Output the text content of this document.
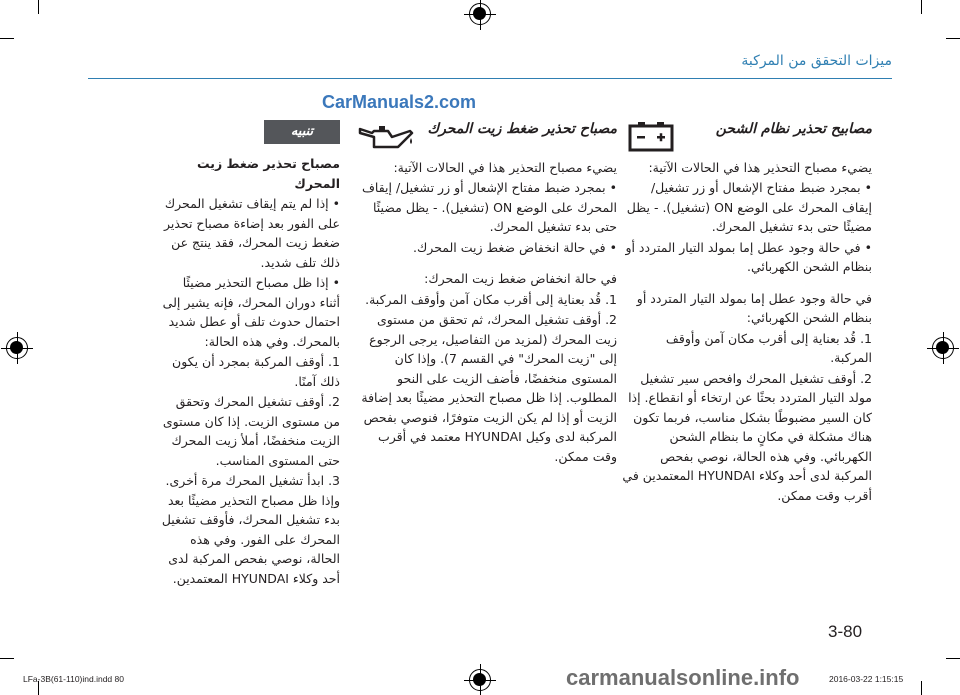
ميزات التحقق من المركبة
CarManuals2.com

مصابيح تحذير نظام الشحن

يضيء مصباح التحذير هذا في الحالات الآتية:

• بمجرد ضبط مفتاح الإشعال أو زر تشغيل/ إيقاف المحرك على الوضع ON (تشغيل). - يظل مضيئًا حتى بدء تشغيل المحرك.

• في حالة وجود عطل إما بمولد التيار المتردد أو بنظام الشحن الكهربائي.

في حالة وجود عطل إما بمولد التيار المتردد أو بنظام الشحن الكهربائي:

1. قُد بعناية إلى أقرب مكان آمن وأوقف المركبة.

2. أوقف تشغيل المحرك وافحص سير تشغيل مولد التيار المتردد بحثًا عن ارتخاء أو انقطاع. إذا كان السير مضبوطًا بشكل مناسب، فربما تكون هناك مشكلة في مكانٍ ما بنظام الشحن الكهربائي. وفي هذه الحالة، نوصي بفحص المركبة لدى أحد وكلاء HYUNDAI المعتمدين في أقرب وقت ممكن.

مصباح تحذير ضغط زيت المحرك

يضيء مصباح التحذير هذا في الحالات الآتية:

• بمجرد ضبط مفتاح الإشعال أو زر تشغيل/ إيقاف المحرك على الوضع ON (تشغيل). - يظل مضيئًا حتى بدء تشغيل المحرك.

• في حالة انخفاض ضغط زيت المحرك.

في حالة انخفاض ضغط زيت المحرك:

1. قُد بعناية إلى أقرب مكان آمن وأوقف المركبة.

2. أوقف تشغيل المحرك، ثم تحقق من مستوى زيت المحرك (لمزيد من التفاصيل، يرجى الرجوع إلى "زيت المحرك" في القسم 7). وإذا كان المستوى منخفضًا، فأضف الزيت على النحو المطلوب. إذا ظل مصباح التحذير مضيئًا بعد إضافة الزيت أو إذا لم يكن الزيت متوفرًا، فنوصي بفحص المركبة لدى وكيل HYUNDAI معتمد في أقرب وقت ممكن.

تنبيه

مصباح تحذير ضغط زيت المحرك

• إذا لم يتم إيقاف تشغيل المحرك على الفور بعد إضاءة مصباح تحذير ضغط زيت المحرك، فقد ينتج عن ذلك تلف شديد.

• إذا ظل مصباح التحذير مضيئًا أثناء دوران المحرك، فإنه يشير إلى احتمال حدوث تلف أو عطل شديد بالمحرك. وفي هذه الحالة:

1. أوقف المركبة بمجرد أن يكون ذلك آمنًا.

2. أوقف تشغيل المحرك وتحقق من مستوى الزيت. إذا كان مستوى الزيت منخفضًا، أملأ زيت المحرك حتى المستوى المناسب.

3. ابدأ تشغيل المحرك مرة أخرى. وإذا ظل مصباح التحذير مضيئًا بعد بدء تشغيل المحرك، فأوقف تشغيل المحرك على الفور. وفي هذه الحالة، نوصي بفحص المركبة لدى أحد وكلاء HYUNDAI المعتمدين.

3-80
LFa-3B(61-110)ind.indd 80	2016-03-22 1:15:15
carmanualsonline.info
